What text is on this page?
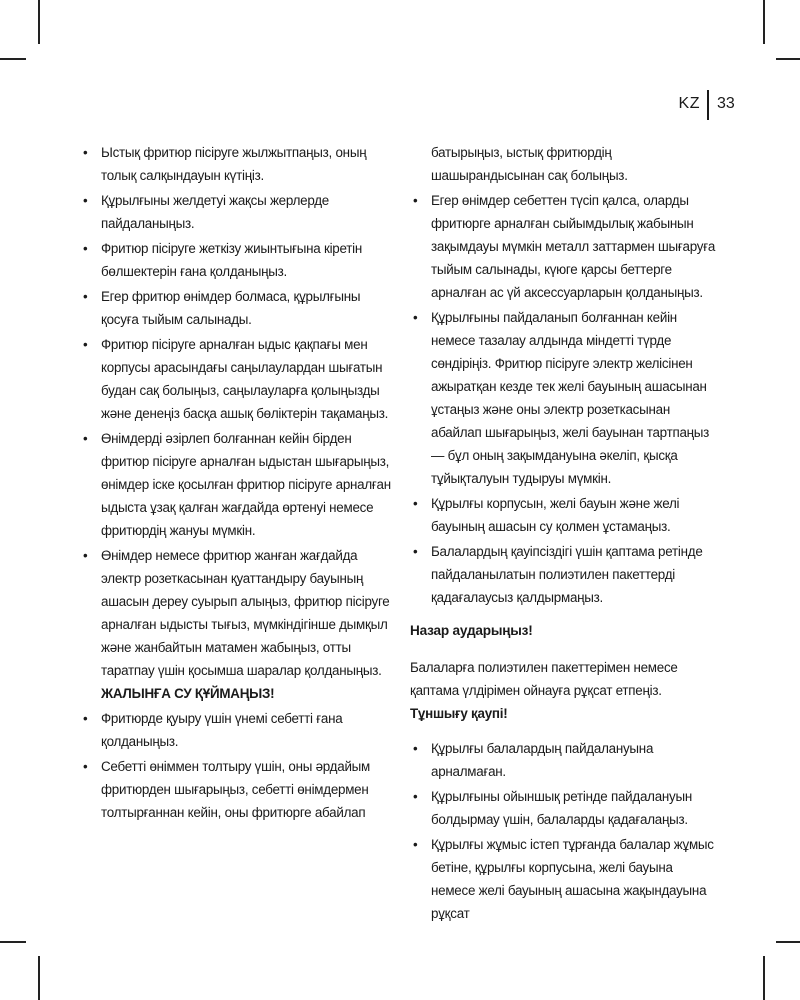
KZ 33
• Ыстық фритюр пісіруге жылжытпаңыз, оның толық салқындауын күтіңіз.
• Құрылғыны желдетуі жақсы жерлерде пайдаланыңыз.
• Фритюр пісіруге жеткізу жиынтығына кіретін бөлшектерін ғана қолданыңыз.
• Егер фритюр өнімдер болмаса, құрылғыны қосуға тыйым салынады.
• Фритюр пісіруге арналған ыдыс қақпағы мен корпусы арасындағы саңылаулардан шығатын будан сақ болыңыз, саңылауларға қолыңызды және денеңіз басқа ашық бөліктерін тақамаңыз.
• Өнімдерді әзірлеп болғаннан кейін бірден фритюр пісіруге арналған ыдыстан шығарыңыз, өнімдер іске қосылған фритюр пісіруге арналған ыдыста ұзақ қалған жағдайда өртенуі немесе фритюрдің жануы мүмкін.
• Өнімдер немесе фритюр жанған жағдайда электр розеткасынан қуаттандыру бауының ашасын дереу суырып алыңыз, фритюр пісіруге арналған ыдысты тығыз, мүмкіндігінше дымқыл және жанбайтын матамен жабыңыз, отты таратпау үшін қосымша шаралар қолданыңыз. ЖАЛЫНҒА СУ ҚҰЙМАҢЫЗ!
• Фритюрде қуыру үшін үнемі себетті ғана қолданыңыз.
• Себетті өніммен толтыру үшін, оны әрдайым фритюрден шығарыңыз, себетті өнімдермен толтырғаннан кейін, оны фритюрге абайлап
батырыңыз, ыстық фритюрдің шашырандысынан сақ болыңыз.
• Егер өнімдер себеттен түсіп қалса, оларды фритюрге арналған сыйымдылық жабынын зақымдауы мүмкін металл заттармен шығаруға тыйым салынады, күюге қарсы беттерге арналған ас үй аксессуарларын қолданыңыз.
• Құрылғыны пайдаланып болғаннан кейін немесе тазалау алдында міндетті түрде сөндіріңіз. Фритюр пісіруге электр желісінен ажыратқан кезде тек желі бауының ашасынан ұстаңыз және оны электр розеткасынан абайлап шығарыңыз, желі бауынан тартпаңыз — бұл оның зақымдануына әкеліп, қысқа тұйықталуын тудыруы мүмкін.
• Құрылғы корпусын, желі бауын және желі бауының ашасын су қолмен ұстамаңыз.
• Балалардың қауіпсіздігі үшін қаптама ретінде пайдаланылатын полиэтилен пакеттерді қадағалаусыз қалдырмаңыз.
Назар аударыңыз!
Балаларға полиэтилен пакеттерімен немесе қаптама үлдірімен ойнауға рұқсат етпеңіз. Тұншығу қаупі!
• Құрылғы балалардың пайдалануына арналмаған.
• Құрылғыны ойыншық ретінде пайдалануын болдырмау үшін, балаларды қадағалаңыз.
• Құрылғы жұмыс істеп тұрғанда балалар жұмыс бетіне, құрылғы корпусына, желі бауына немесе желі бауының ашасына жақындауына рұқсат
